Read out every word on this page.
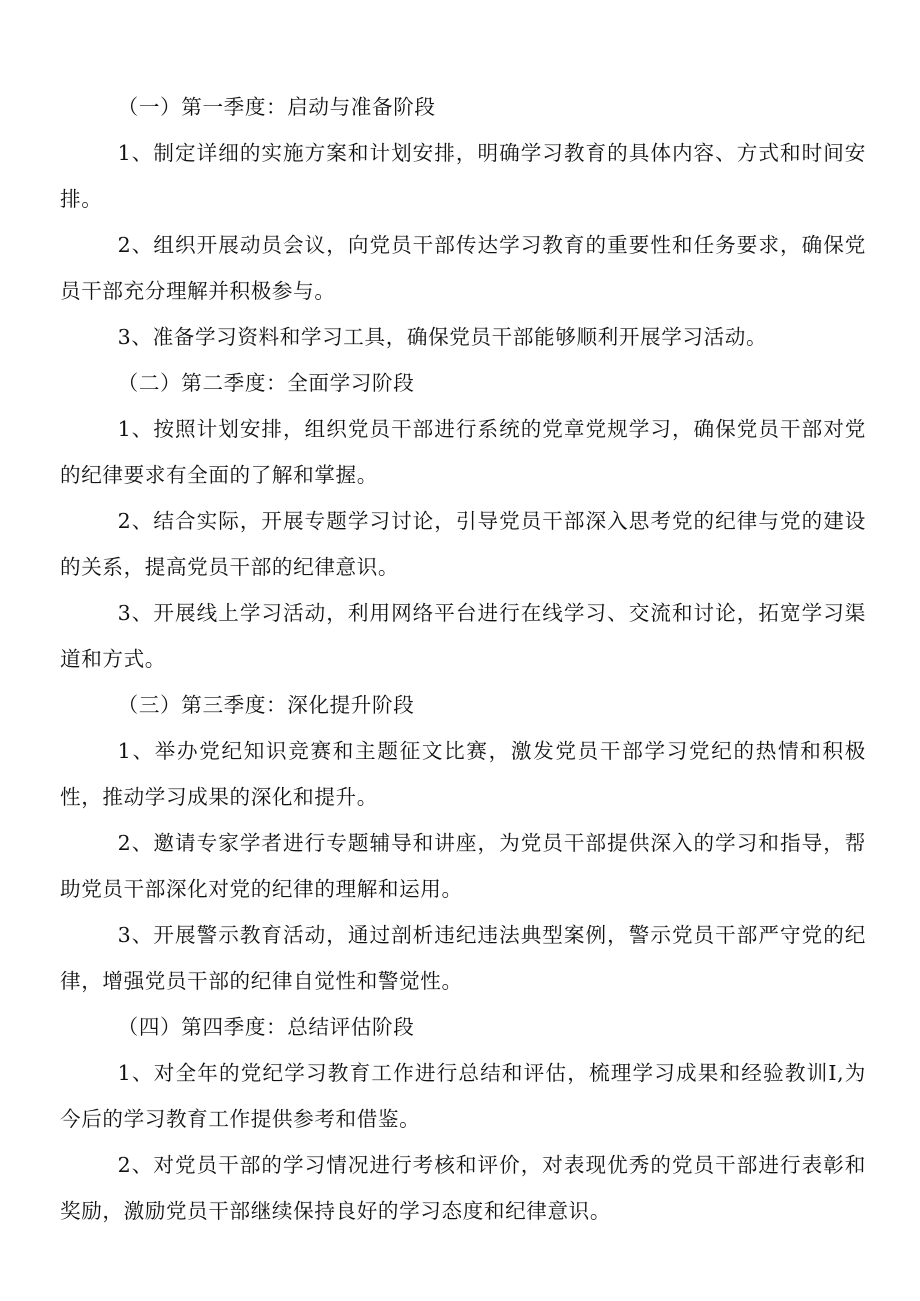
（一）第一季度：启动与准备阶段

1、制定详细的实施方案和计划安排，明确学习教育的具体内容、方式和时间安排。

2、组织开展动员会议，向党员干部传达学习教育的重要性和任务要求，确保党员干部充分理解并积极参与。

3、准备学习资料和学习工具，确保党员干部能够顺利开展学习活动。

（二）第二季度：全面学习阶段

1、按照计划安排，组织党员干部进行系统的党章党规学习，确保党员干部对党的纪律要求有全面的了解和掌握。

2、结合实际，开展专题学习讨论，引导党员干部深入思考党的纪律与党的建设的关系，提高党员干部的纪律意识。

3、开展线上学习活动，利用网络平台进行在线学习、交流和讨论，拓宽学习渠道和方式。

（三）第三季度：深化提升阶段

1、举办党纪知识竞赛和主题征文比赛，激发党员干部学习党纪的热情和积极性，推动学习成果的深化和提升。

2、邀请专家学者进行专题辅导和讲座，为党员干部提供深入的学习和指导，帮助党员干部深化对党的纪律的理解和运用。

3、开展警示教育活动，通过剖析违纪违法典型案例，警示党员干部严守党的纪律，增强党员干部的纪律自觉性和警觉性。

（四）第四季度：总结评估阶段

1、对全年的党纪学习教育工作进行总结和评估，梳理学习成果和经验教训I,为今后的学习教育工作提供参考和借鉴。

2、对党员干部的学习情况进行考核和评价，对表现优秀的党员干部进行表彰和奖励，激励党员干部继续保持良好的学习态度和纪律意识。
